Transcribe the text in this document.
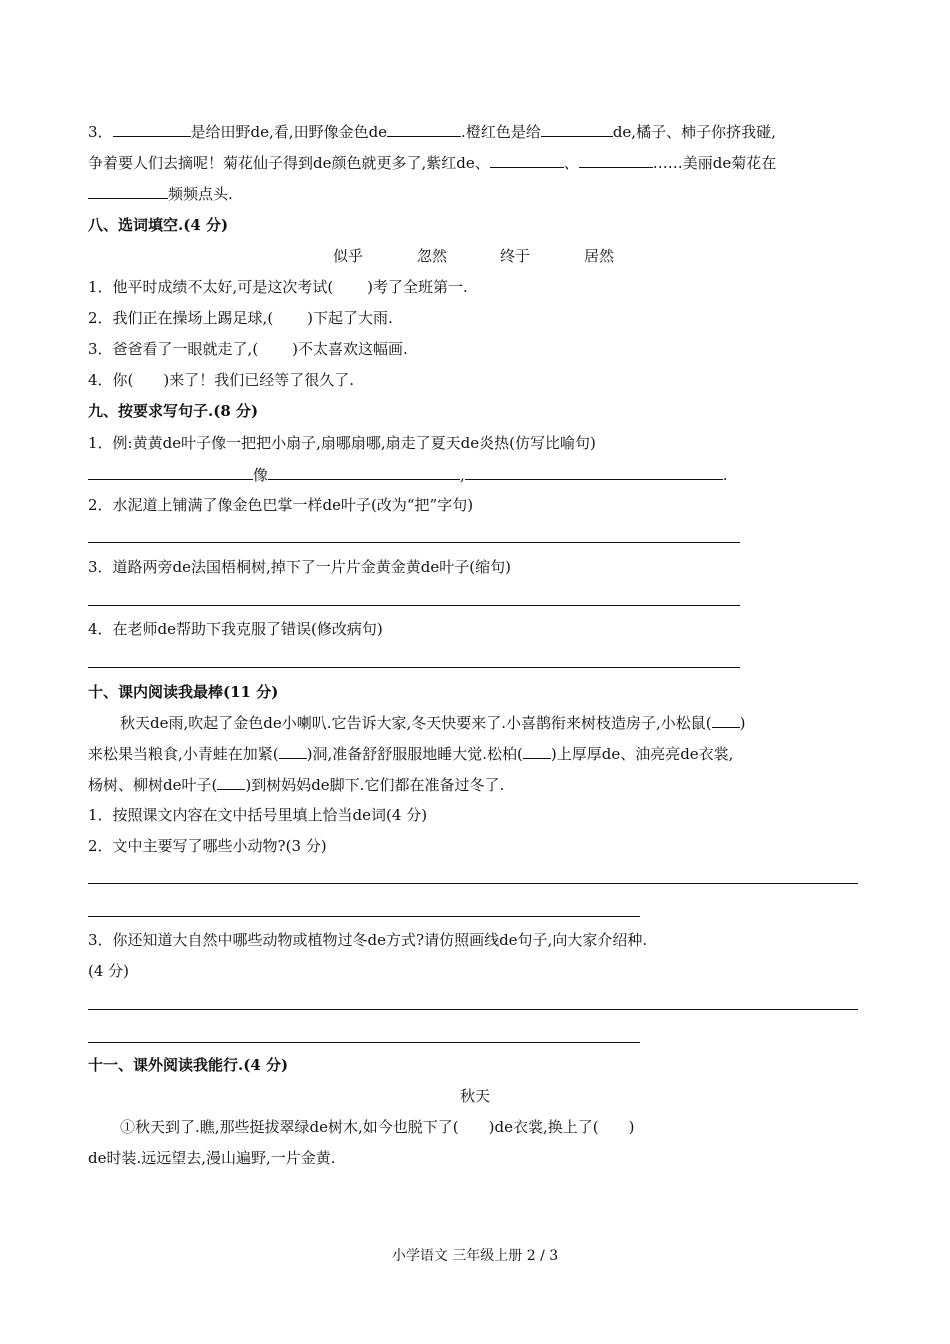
3．	是给田野de,看,田野像金色de	.橙红色是给	de,橘子、柿子你挤我碰,
争着要人们去摘呢！菊花仙子得到de颜色就更多了,紫红de、	、	……美丽de菊花在
频频点头.
八、选词填空.(4 分)
似乎	忽然	终于	居然
1．他平时成绩不太好,可是这次考试( )考了全班第一.
2．我们正在操场上踢足球,( )下起了大雨.
3．爸爸看了一眼就走了,( )不太喜欢这幅画.
4．你( )来了！我们已经等了很久了.
九、按要求写句子.(8 分)
1．例:黄黄de叶子像一把把小扇子,扇哪扇哪,扇走了夏天de炎热(仿写比喻句)
像	,	.
2．水泥道上铺满了像金色巴掌一样de叶子(改为“把”字句)
3．道路两旁de法国梧桐树,掉下了一片片金黄金黄de叶子(缩句)
4．在老师de帮助下我克服了错误(修改病句)
十、课内阅读我最棒(11 分)
秋天de雨,吹起了金色de小喇叭.它告诉大家,冬天快要来了.小喜鹊衔来树枝造房子,小松鼠( )
来松果当粮食,小青蛙在加紧( )洞,准备舒舒服服地睡大觉.松柏( )上厚厚de、油亮亮de衣裳,
杨树、柳树de叶子( )到树妈妈de脚下.它们都在准备过冬了.
1．按照课文内容在文中括号里填上恰当de词(4 分)
2．文中主要写了哪些小动物?(3 分)
3．你还知道大自然中哪些动物或植物过冬de方式?请仿照画线de句子,向大家介绍种.
(4 分)
十一、课外阅读我能行.(4 分)
秋天
①秋天到了.瞧,那些挺拔翠绿de树木,如今也脱下了( )de衣裳,换上了( )
de时装.远远望去,漫山遍野,一片金黄.
小学语文 三年级上册 2 / 3
